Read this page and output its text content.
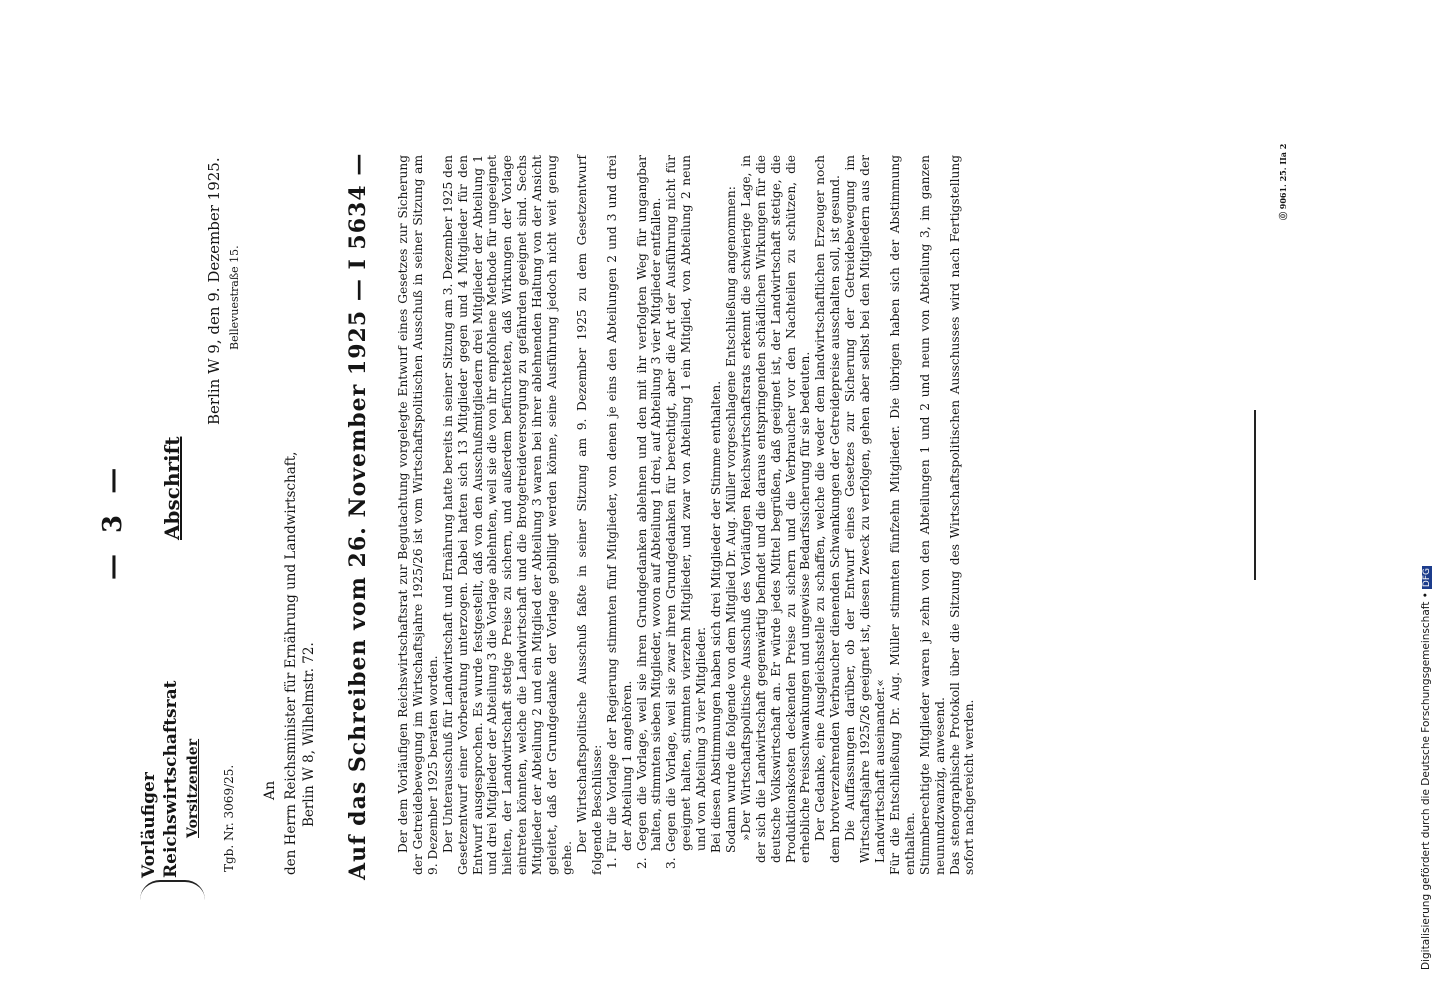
— 3 —
Vorläufiger Reichswirtschaftsrat Vorsitzender Tgb. Nr. 3069/25.
Abschrift
Berlin W 9, den 9. Dezember 1925. Bellevuestraße 15.
An den Herrn Reichsminister für Ernährung und Landwirtschaft, Berlin W 8, Wilhelmstr. 72. Auf das Schreiben vom 26. November 1925 — I 5634 — Der dem Vorläufigen Reichswirtschaftsrat zur Begutachtung vorgelegte Entwurf eines Gesetzes zur Sicherung der Getreidebewegung im Wirtschaftsjahre 1925/26 ist vom Wirtschaftspolitischen Ausschuß in seiner Sitzung am 9. Dezember 1925 beraten worden. Der Unterausschuß für Landwirtschaft und Ernährung hatte bereits in seiner Sitzung am 3. Dezember 1925 den Gesetzentwurf einer Vorberatung unterzogen. Dabei hatten sich 13 Mitglieder gegen und 4 Mitglieder für den Entwurf ausgesprochen. Es wurde festgestellt, daß von den Ausschußmitgliedern drei Mitglieder der Abteilung 1 und drei Mitglieder der Abteilung 3 die Vorlage ablehnten, weil sie die von ihr empfohlene Methode für ungeeignet hielten, der Landwirtschaft stetige Preise zu sichern, und außerdem befürchteten, daß Wirkungen der Vorlage eintreten könnten, welche die Landwirtschaft und die Brotgetreideversorgung zu gefährden geeignet sind. Sechs Mitglieder der Abteilung 2 und ein Mitglied der Abteilung 3 waren bei ihrer ablehnenden Haltung von der Ansicht geleitet, daß der Grundgedanke der Vorlage gebilligt werden könne, seine Ausführung jedoch nicht weit genug gehe.

Der Wirtschaftspolitische Ausschuß faßte in seiner Sitzung am 9. Dezember 1925 zu dem Gesetzentwurf folgende Beschlüsse: 1. Für die Vorlage der Regierung stimmten fünf Mitglieder, von denen je eins den Abteilungen 2 und 3 und drei der Abteilung 1 angehören. 2. Gegen die Vorlage, weil sie ihren Grundgedanken ablehnen und den mit ihr verfolgten Weg für ungangbar halten, stimmten sieben Mitglieder, wovon auf Abteilung 1 drei, auf Abteilung 3 vier Mitglieder entfallen. 3. Gegen die Vorlage, weil sie zwar ihren Grundgedanken für berechtigt, aber die Art der Ausführung nicht für geeignet halten, stimmten vierzehn Mitglieder, und zwar von Abteilung 1 ein Mitglied, von Abteilung 2 neun und von Abteilung 3 vier Mitglieder. Bei diesen Abstimmungen haben sich drei Mitglieder der Stimme enthalten. Sodann wurde die folgende von dem Mitglied Dr. Aug. Müller vorgeschlagene Entschließung angenommen: »Der Wirtschaftspolitische Ausschuß des Vorläufigen Reichswirtschaftsrats erkennt die schwierige Lage, in der sich die Landwirtschaft gegenwärtig befindet und die daraus entspringenden schädlichen Wirkungen für die deutsche Volkswirtschaft an. Er würde jedes Mittel begrüßen, daß geeignet ist, der Landwirtschaft stetige, die Produktionskosten deckenden Preise zu sichern und die Verbraucher vor den Nachteilen zu schützen, die erhebliche Preisschwankungen und ungewisse Bedarfssicherung für sie bedeuten. Der Gedanke, eine Ausgleichsstelle zu schaffen, welche die weder dem landwirtschaftlichen Erzeuger noch dem brotverzehrenden Verbraucher dienenden Schwankungen der Getreidepreise ausschalten soll, ist gesund. Die Auffassungen darüber, ob der Entwurf eines Gesetzes zur Sicherung der Getreidebewegung im Wirtschaftsjahre 1925/26 geeignet ist, diesen Zweck zu verfolgen, gehen aber selbst bei den Mitgliedern aus der Landwirtschaft auseinander.« Für die Entschließung Dr. Aug. Müller stimmten fünfzehn Mitglieder. Die übrigen haben sich der Abstimmung enthalten. Stimmberechtigte Mitglieder waren je zehn von den Abteilungen 1 und 2 und neun von Abteilung 3, im ganzen neunundzwanzig, anwesend. Das stenographische Protokoll über die Sitzung des Wirtschaftspolitischen Ausschusses wird nach Fertigstellung sofort nachgereicht werden.

⓪ 9061. 25. IIa 2
Digitalisierung gefördert durch die Deutsche Forschungsgemeinschaft •DFG
